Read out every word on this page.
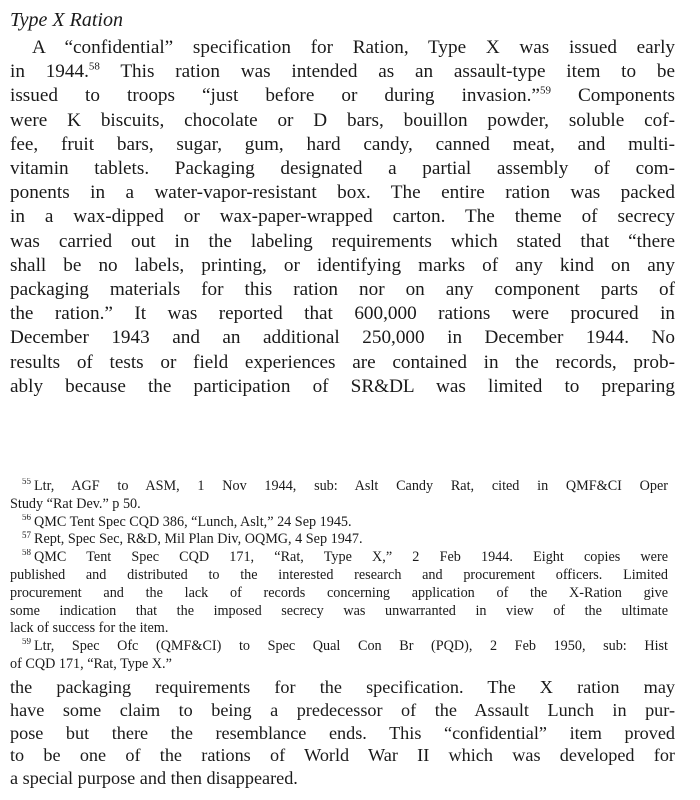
Type X Ration
A “confidential” specification for Ration, Type X was issued early
in 1944.58 This ration was intended as an assault-type item to be
issued to troops “just before or during invasion.”$^{59}$ Components
were K biscuits, chocolate or D bars, bouillon powder, soluble cof-
fee, fruit bars, sugar, gum, hard candy, canned meat, and multi-
vitamin tablets. Packaging designated a partial assembly of com-
ponents in a water-vapor-resistant box. The entire ration was packed
in a wax-dipped or wax-paper-wrapped carton. The theme of secrecy
was carried out in the labeling requirements which stated that “there
shall be no labels, printing, or identifying marks of any kind on any
packaging materials for this ration nor on any component parts of
the ration.” It was reported that 600,000 rations were procured in
December 1943 and an additional 250,000 in December 1944. No
results of tests or field experiences are contained in the records, prob-
ably because the participation of SR&DL was limited to preparing

$^{55}$ Ltr, AGF to ASM, 1 Nov 1944, sub: Aslt Candy Rat, cited in QMF&CI Oper
Study “Rat Dev.” p 50.

$^{56}$ QMC Tent Spec CQD 386, “Lunch, Aslt,” 24 Sep 1945.

$^{57}$ Rept, Spec Sec, R&D, Mil Plan Div, OQMG, 4 Sep 1947.

$^{58}$ QMC Tent Spec CQD 171, “Rat, Type X,” 2 Feb 1944. Eight copies were
published and distributed to the interested research and procurement officers. Limited
procurement and the lack of records concerning application of the X-Ration give
some indication that the imposed secrecy was unwarranted in view of the ultimate
lack of success for the item.

$^{59}$ Ltr, Spec Ofc (QMF&CI) to Spec Qual Con Br (PQD), 2 Feb 1950, sub: Hist
of CQD 171, “Rat, Type X.”

the packaging requirements for the specification. The X ration may
have some claim to being a predecessor of the Assault Lunch in pur-
pose but there the resemblance ends. This “confidential” item proved
to be one of the rations of World War II which was developed for
a special purpose and then disappeared.
